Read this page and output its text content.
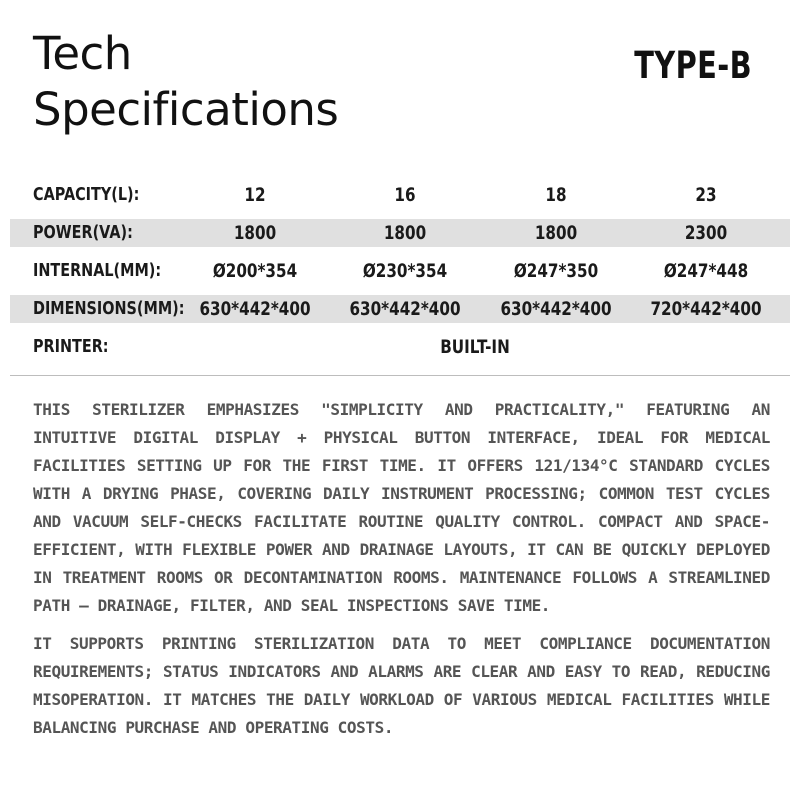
Tech
Specifications
TYPE-B
CAPACITY(L):	12	16	18	23
POWER(VA):	1800	1800	1800	2300
INTERNAL(MM):	Ø200*354	Ø230*354	Ø247*350	Ø247*448
DIMENSIONS(MM): 630*442*400	630*442*400	630*442*400	720*442*400
PRINTER:	BUILT-IN

THIS STERILIZER EMPHASIZES "SIMPLICITY AND PRACTICALITY," FEATURING AN INTUITIVE DIGITAL DISPLAY + PHYSICAL BUTTON INTERFACE, IDEAL FOR MEDICAL FACILITIES SETTING UP FOR THE FIRST TIME. IT OFFERS 121/134°C STANDARD CYCLES WITH A DRYING PHASE, COVERING DAILY INSTRUMENT PROCESSING; COMMON TEST CYCLES AND VACUUM SELF-CHECKS FACILITATE ROUTINE QUALITY CONTROL. COMPACT AND SPACE-EFFICIENT, WITH FLEXIBLE POWER AND DRAINAGE LAYOUTS, IT CAN BE QUICKLY DEPLOYED IN TREATMENT ROOMS OR DECONTAMINATION ROOMS. MAINTENANCE FOLLOWS A STREAMLINED PATH — DRAINAGE, FILTER, AND SEAL INSPECTIONS SAVE TIME.

IT SUPPORTS PRINTING STERILIZATION DATA TO MEET COMPLIANCE DOCUMENTATION REQUIREMENTS; STATUS INDICATORS AND ALARMS ARE CLEAR AND EASY TO READ, REDUCING MISOPERATION. IT MATCHES THE DAILY WORKLOAD OF VARIOUS MEDICAL FACILITIES WHILE BALANCING PURCHASE AND OPERATING COSTS.
